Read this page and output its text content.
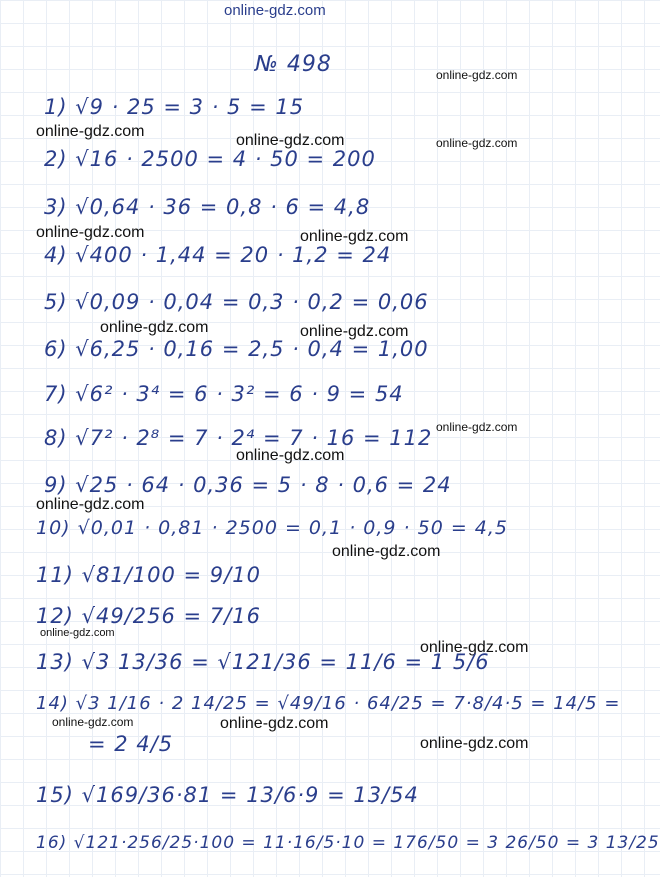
online-gdz.com
№ 498	online-gdz.com
online-gdz.com
online-gdz.com	online-gdz.com
online-gdz.com	online-gdz.com
online-gdz.com	online-gdz.com
online-gdz.com
online-gdz.com
online-gdz.com
online-gdz.com
online-gdz.com
online-gdz.com
online-gdz.com	online-gdz.com
online-gdz.com
1) √9 · 25 = 3 · 5 = 15
2) √16 · 2500 = 4 · 50 = 200
3) √0,64 · 36 = 0,8 · 6 = 4,8
4) √400 · 1,44 = 20 · 1,2 = 24
5) √0,09 · 0,04 = 0,3 · 0,2 = 0,06
6) √6,25 · 0,16 = 2,5 · 0,4 = 1,00
7) √6² · 3⁴ = 6 · 3² = 6 · 9 = 54
8) √7² · 2⁸ = 7 · 2⁴ = 7 · 16 = 112
9) √25 · 64 · 0,36 = 5 · 8 · 0,6 = 24
10) √0,01 · 0,81 · 2500 = 0,1 · 0,9 · 50 = 4,5
11) √81/100 = 9/10
12) √49/256 = 7/16
13) √3 13/36 = √121/36 = 11/6 = 1 5/6
14) √3 1/16 · 2 14/25 = √49/16 · 64/25 = 7·8/4·5 = 14/5 =
= 2 4/5
15) √169/36·81 = 13/6·9 = 13/54
16) √121·256/25·100 = 11·16/5·10 = 176/50 = 3 26/50 = 3 13/25
